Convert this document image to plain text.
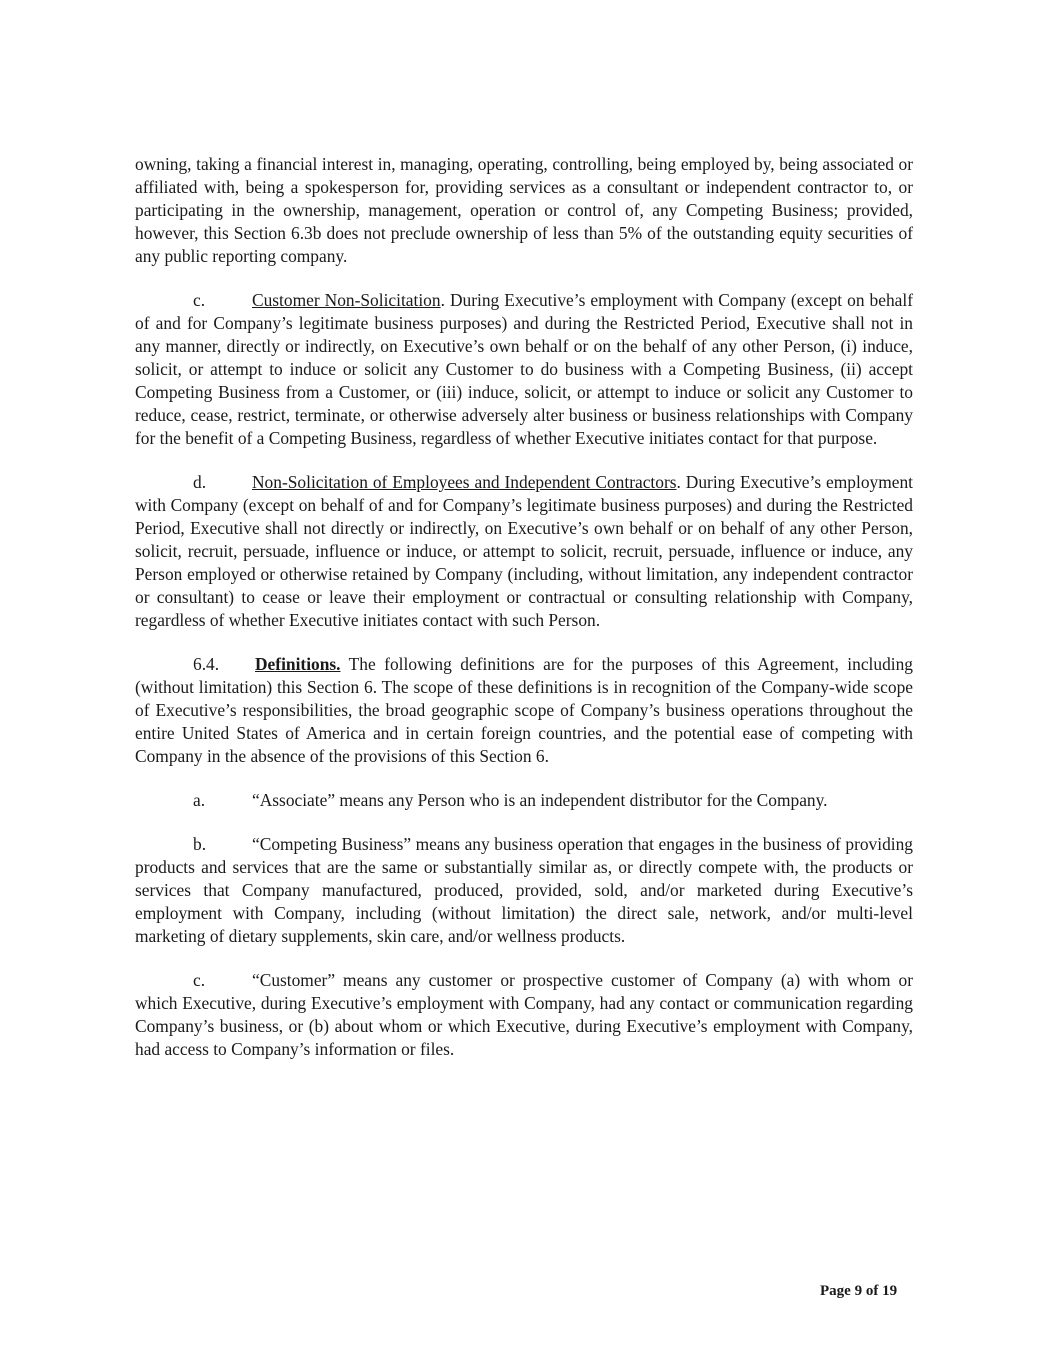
owning, taking a financial interest in, managing, operating, controlling, being employed by, being associated or affiliated with, being a spokesperson for, providing services as a consultant or independent contractor to, or participating in the ownership, management, operation or control of, any Competing Business; provided, however, this Section 6.3b does not preclude ownership of less than 5% of the outstanding equity securities of any public reporting company.

c.	Customer Non-Solicitation. During Executive’s employment with Company (except on behalf of and for Company’s legitimate business purposes) and during the Restricted Period, Executive shall not in any manner, directly or indirectly, on Executive’s own behalf or on the behalf of any other Person, (i) induce, solicit, or attempt to induce or solicit any Customer to do business with a Competing Business, (ii) accept Competing Business from a Customer, or (iii) induce, solicit, or attempt to induce or solicit any Customer to reduce, cease, restrict, terminate, or otherwise adversely alter business or business relationships with Company for the benefit of a Competing Business, regardless of whether Executive initiates contact for that purpose.

d.	Non-Solicitation of Employees and Independent Contractors. During Executive’s employment with Company (except on behalf of and for Company’s legitimate business purposes) and during the Restricted Period, Executive shall not directly or indirectly, on Executive’s own behalf or on behalf of any other Person, solicit, recruit, persuade, influence or induce, or attempt to solicit, recruit, persuade, influence or induce, any Person employed or otherwise retained by Company (including, without limitation, any independent contractor or consultant) to cease or leave their employment or contractual or consulting relationship with Company, regardless of whether Executive initiates contact with such Person.

6.4. Definitions. The following definitions are for the purposes of this Agreement, including (without limitation) this Section 6. The scope of these definitions is in recognition of the Company-wide scope of Executive’s responsibilities, the broad geographic scope of Company’s business operations throughout the entire United States of America and in certain foreign countries, and the potential ease of competing with Company in the absence of the provisions of this Section 6.

a.	“Associate” means any Person who is an independent distributor for the Company.

b.	“Competing Business” means any business operation that engages in the business of providing products and services that are the same or substantially similar as, or directly compete with, the products or services that Company manufactured, produced, provided, sold, and/or marketed during Executive’s employment with Company, including (without limitation) the direct sale, network, and/or multi-level marketing of dietary supplements, skin care, and/or wellness products.

c.	“Customer” means any customer or prospective customer of Company (a) with whom or which Executive, during Executive’s employment with Company, had any contact or communication regarding Company’s business, or (b) about whom or which Executive, during Executive’s employment with Company, had access to Company’s information or files.

Page 9 of 19
